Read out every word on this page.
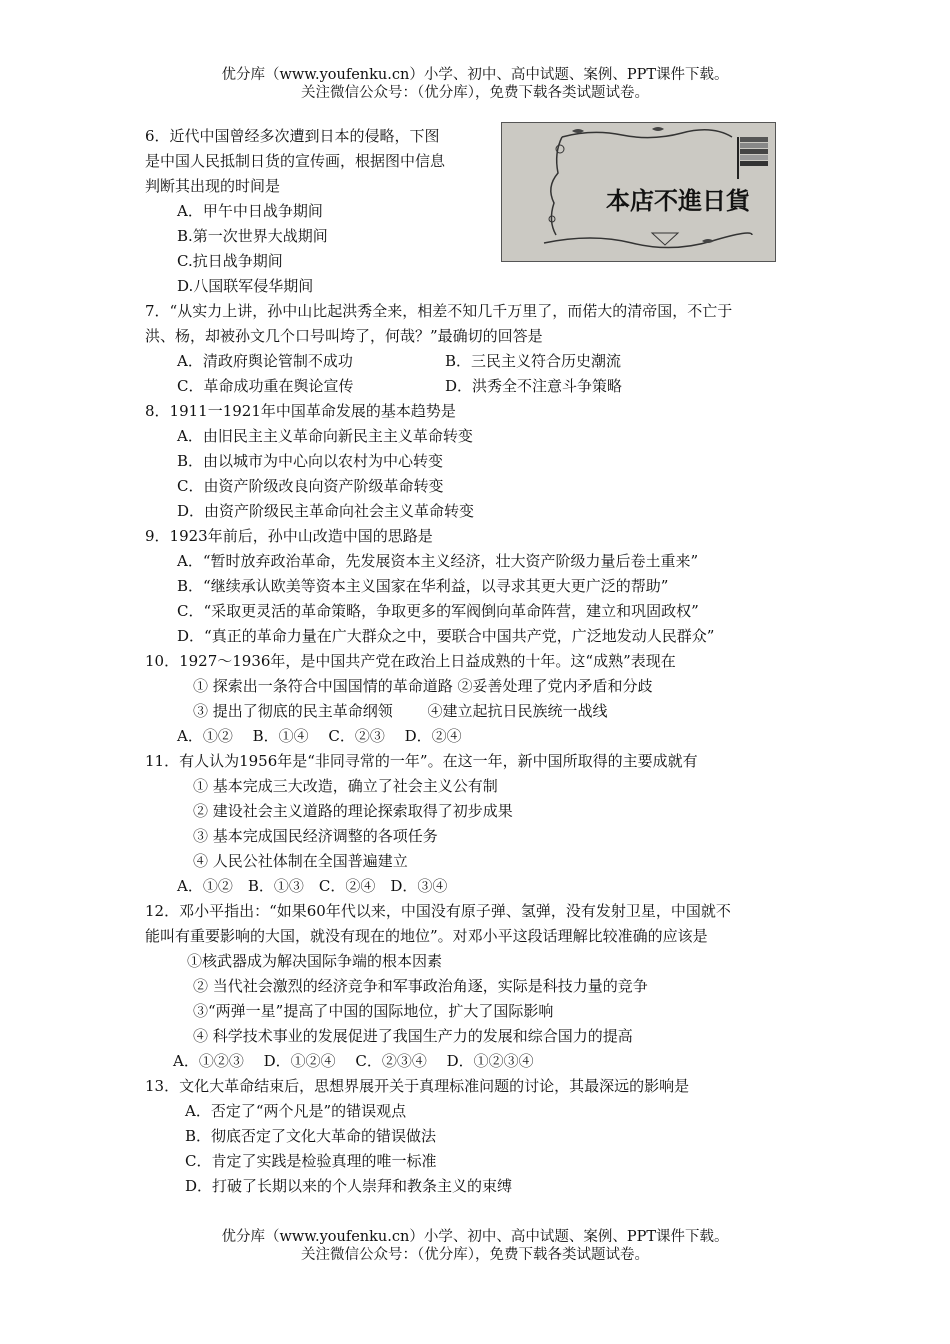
优分库（www.youfenku.cn）小学、初中、高中试题、案例、PPT课件下载。
关注微信公众号：（优分库），免费下载各类试题试卷。
本店不進日貨
6．近代中国曾经多次遭到日本的侵略，下图
是中国人民抵制日货的宣传画，根据图中信息
判断其出现的时间是
A．甲午中日战争期间
B.第一次世界大战期间
C.抗日战争期间
D.八国联军侵华期间
7．“从实力上讲，孙中山比起洪秀全来，相差不知几千万里了，而偌大的清帝国，不亡于
洪、杨，却被孙文几个口号叫垮了，何哉？”最确切的回答是
A．清政府舆论管制不成功	B．三民主义符合历史潮流
C．革命成功重在舆论宣传	D．洪秀全不注意斗争策略
8．1911一1921年中国革命发展的基本趋势是
A．由旧民主主义革命向新民主主义革命转变
B．由以城市为中心向以农村为中心转变
C．由资产阶级改良向资产阶级革命转变
D．由资产阶级民主革命向社会主义革命转变
9．1923年前后，孙中山改造中国的思路是
A．“暂时放弃政治革命，先发展资本主义经济，壮大资产阶级力量后卷土重来”
B．“继续承认欧美等资本主义国家在华利益，以寻求其更大更广泛的帮助”
C．“采取更灵活的革命策略，争取更多的军阀倒向革命阵营，建立和巩固政权”
D．“真正的革命力量在广大群众之中，要联合中国共产党，广泛地发动人民群众”
10．1927～1936年，是中国共产党在政治上日益成熟的十年。这“成熟”表现在
① 探索出一条符合中国国情的革命道路 ②妥善处理了党内矛盾和分歧
③ 提出了彻底的民主革命纲领　　 ④建立起抗日民族统一战线
A．①②　 B．①④　 C．②③　 D．②④
11．有人认为1956年是“非同寻常的一年”。在这一年，新中国所取得的主要成就有
① 基本完成三大改造，确立了社会主义公有制
② 建设社会主义道路的理论探索取得了初步成果
③ 基本完成国民经济调整的各项任务
④ 人民公社体制在全国普遍建立
A．①②　B．①③　C．②④　D．③④
12．邓小平指出：“如果60年代以来，中国没有原子弹、氢弹，没有发射卫星，中国就不
能叫有重要影响的大国，就没有现在的地位”。对邓小平这段话理解比较准确的应该是
①核武器成为解决国际争端的根本因素
② 当代社会激烈的经济竞争和军事政治角逐，实际是科技力量的竞争
③“两弹一星”提高了中国的国际地位，扩大了国际影响
④ 科学技术事业的发展促进了我国生产力的发展和综合国力的提高
A．①②③　 D．①②④　 C．②③④　 D．①②③④
13．文化大革命结束后，思想界展开关于真理标准问题的讨论，其最深远的影响是
A．否定了“两个凡是”的错误观点
B．彻底否定了文化大革命的错误做法
C．肯定了实践是检验真理的唯一标准
D．打破了长期以来的个人崇拜和教条主义的束缚
优分库（www.youfenku.cn）小学、初中、高中试题、案例、PPT课件下载。
关注微信公众号：（优分库），免费下载各类试题试卷。
